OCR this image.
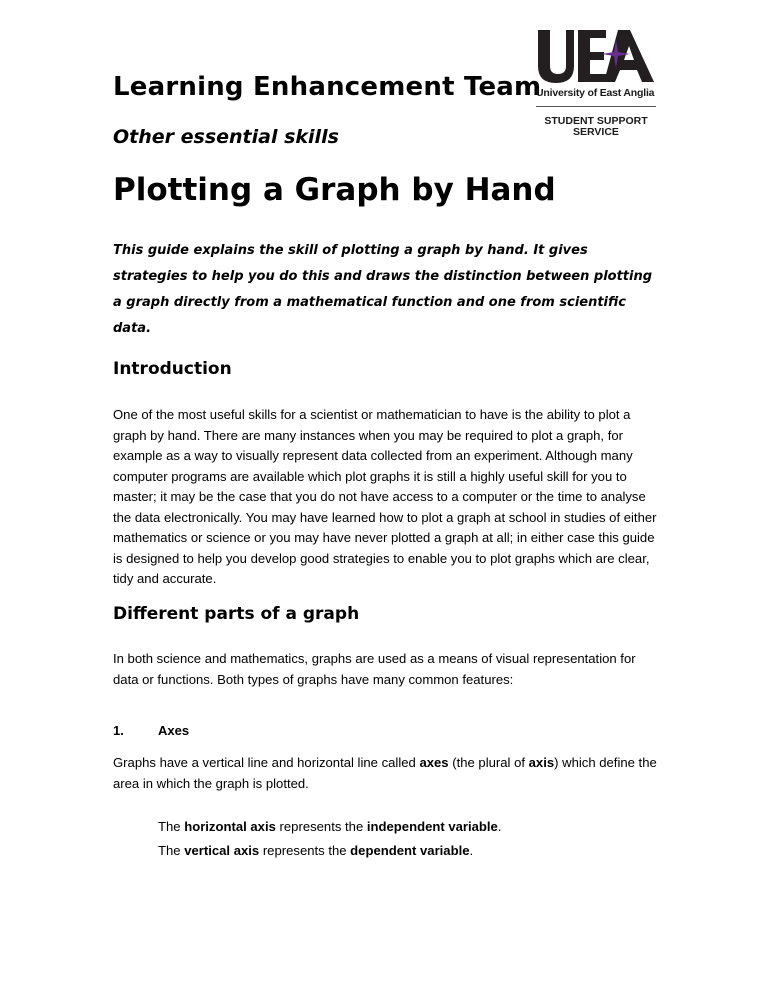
Learning Enhancement Team
Other essential skills
Plotting a Graph by Hand
University of East Anglia
STUDENT SUPPORT
SERVICE
This guide explains the skill of plotting a graph by hand. It gives strategies to help you do this and draws the distinction between plotting a graph directly from a mathematical function and one from scientific data.
Introduction
One of the most useful skills for a scientist or mathematician to have is the ability to plot a graph by hand. There are many instances when you may be required to plot a graph, for example as a way to visually represent data collected from an experiment. Although many computer programs are available which plot graphs it is still a highly useful skill for you to master; it may be the case that you do not have access to a computer or the time to analyse the data electronically. You may have learned how to plot a graph at school in studies of either mathematics or science or you may have never plotted a graph at all; in either case this guide is designed to help you develop good strategies to enable you to plot graphs which are clear, tidy and accurate.
Different parts of a graph
In both science and mathematics, graphs are used as a means of visual representation for data or functions. Both types of graphs have many common features:
1.	Axes
Graphs have a vertical line and horizontal line called axes (the plural of axis) which define the area in which the graph is plotted.
The horizontal axis represents the independent variable.
The vertical axis represents the dependent variable.
